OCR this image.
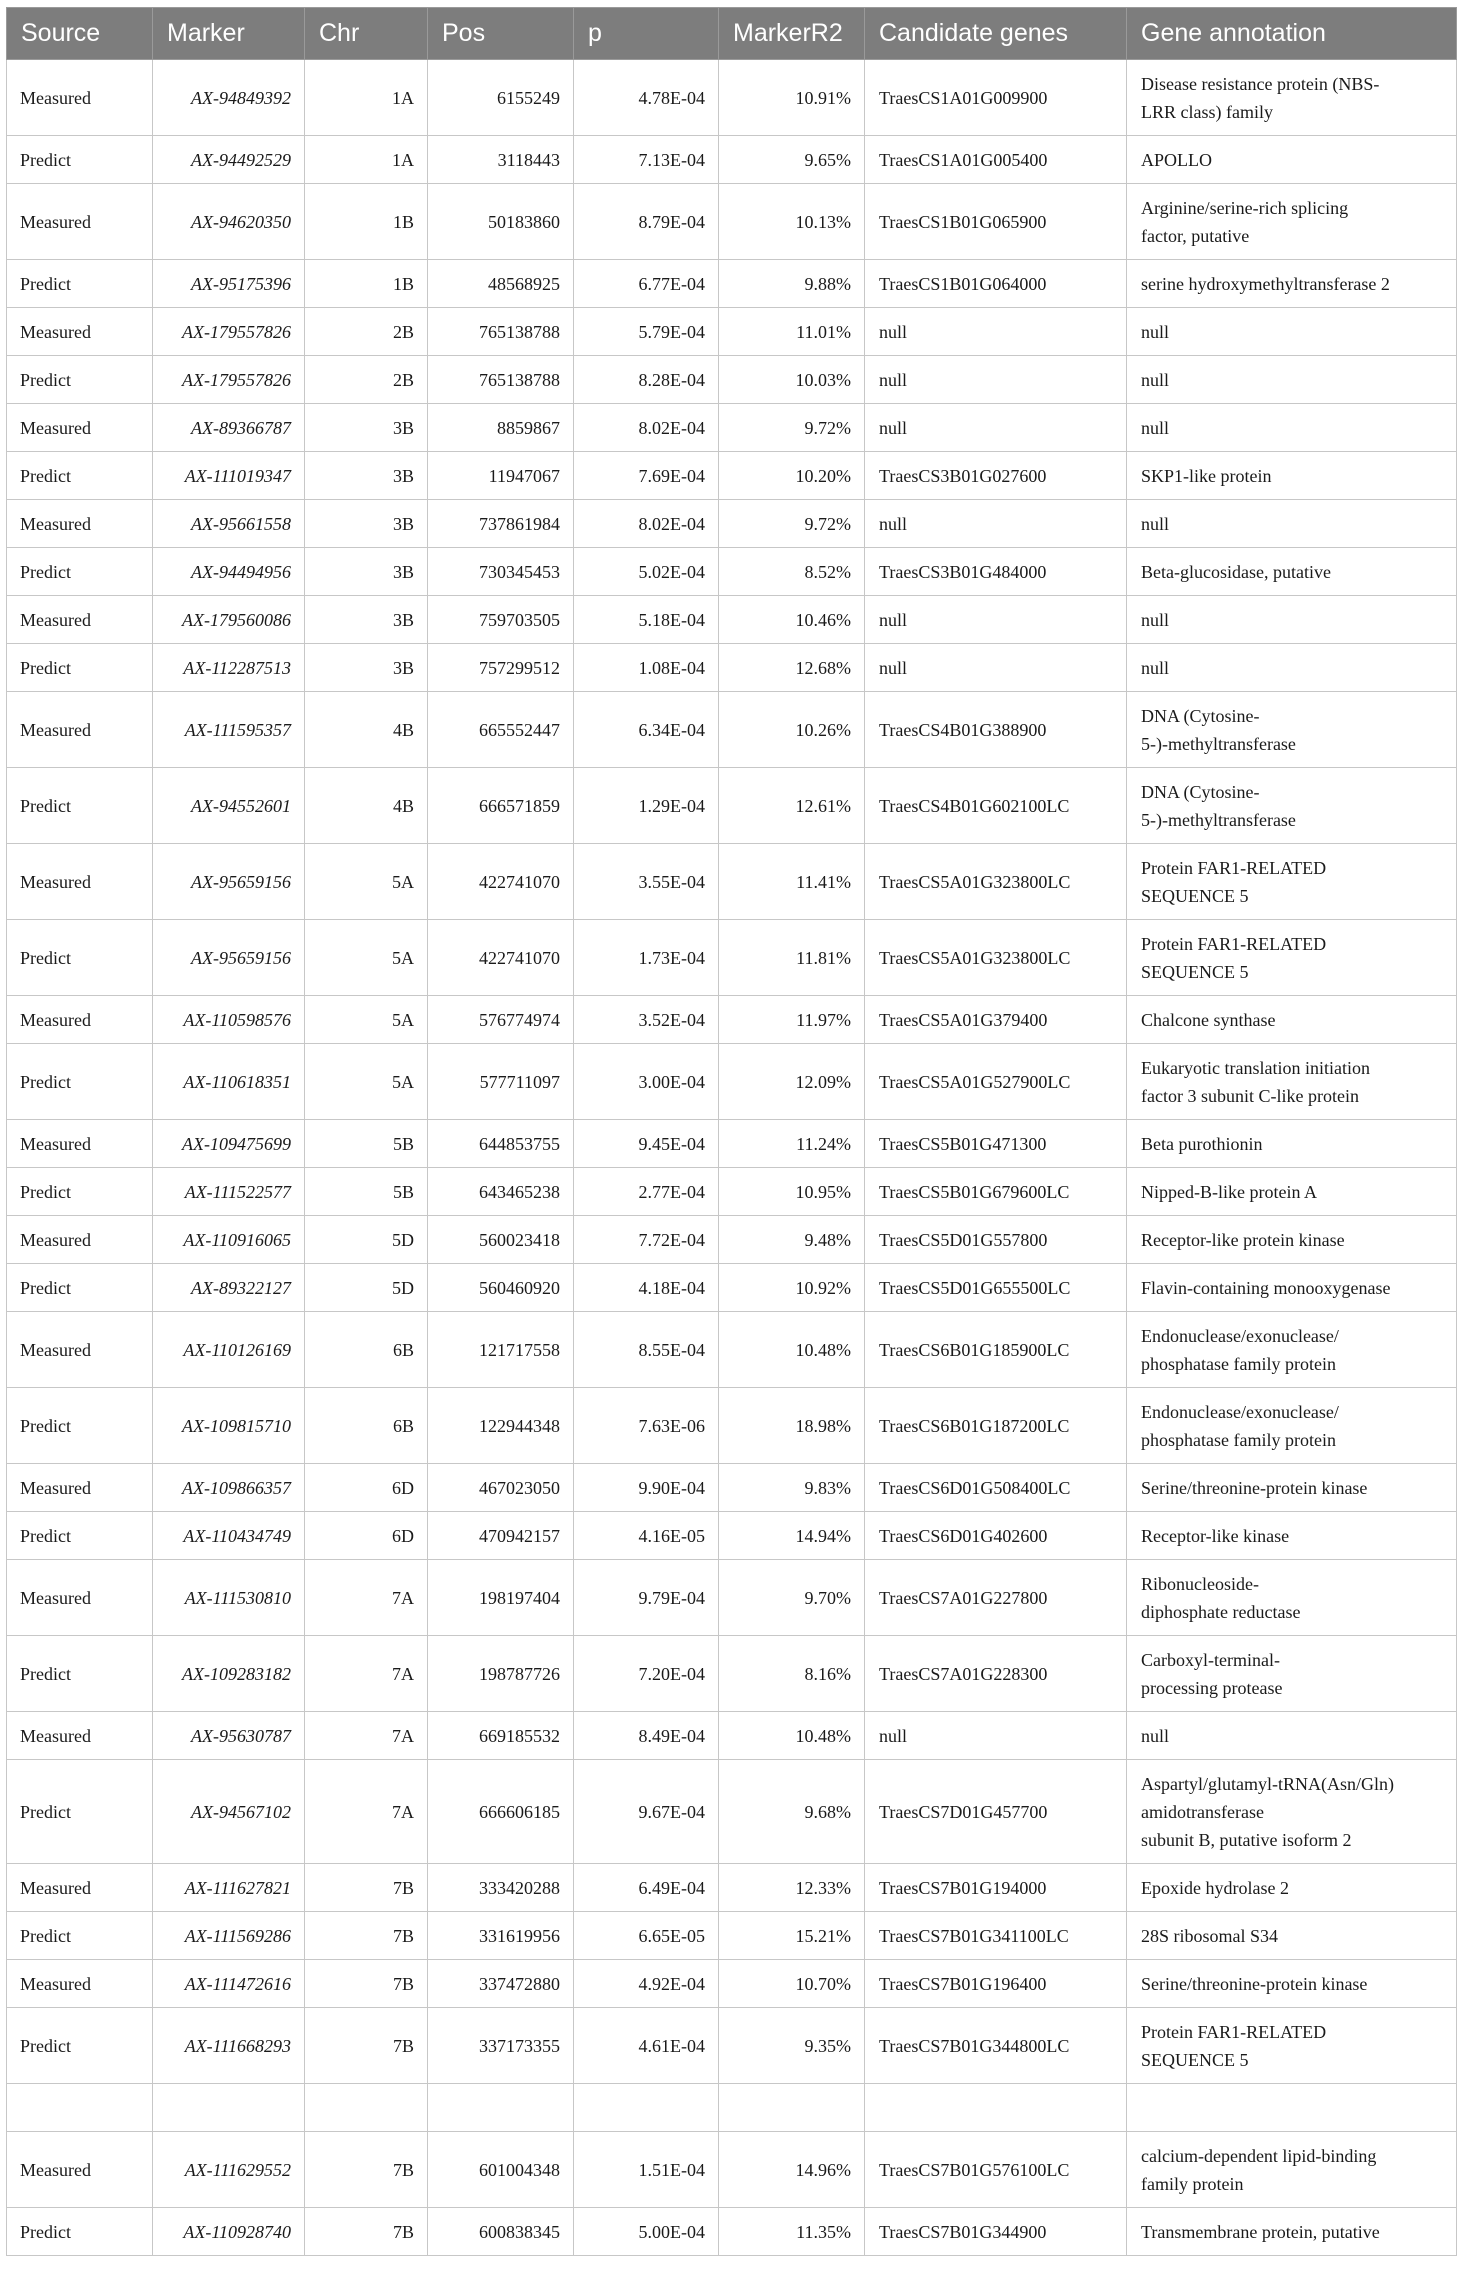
Source	Marker	Chr	Pos	p	MarkerR2	Candidate genes	Gene annotation
Measured	AX-94849392	1A	6155249	4.78E-04	10.91%	TraesCS1A01G009900	Disease resistance protein (NBS-
LRR class) family

Predict	AX-94492529	1A	3118443	7.13E-04	9.65%	TraesCS1A01G005400	APOLLO

Measured	AX-94620350	1B	50183860	8.79E-04	10.13%	TraesCS1B01G065900	Arginine/serine-rich splicing
factor, putative

Predict	AX-95175396	1B	48568925	6.77E-04	9.88%	TraesCS1B01G064000	serine hydroxymethyltransferase 2

Measured	AX-179557826	2B	765138788	5.79E-04	11.01%	null	null

Predict	AX-179557826	2B	765138788	8.28E-04	10.03%	null	null

Measured	AX-89366787	3B	8859867	8.02E-04	9.72%	null	null

Predict	AX-111019347	3B	11947067	7.69E-04	10.20%	TraesCS3B01G027600	SKP1-like protein

Measured	AX-95661558	3B	737861984	8.02E-04	9.72%	null	null

Predict	AX-94494956	3B	730345453	5.02E-04	8.52%	TraesCS3B01G484000	Beta-glucosidase, putative

Measured	AX-179560086	3B	759703505	5.18E-04	10.46%	null	null

Predict	AX-112287513	3B	757299512	1.08E-04	12.68%	null	null

Measured	AX-111595357	4B	665552447	6.34E-04	10.26%	TraesCS4B01G388900	DNA (Cytosine-
5-)-methyltransferase

Predict	AX-94552601	4B	666571859	1.29E-04	12.61%	TraesCS4B01G602100LC	DNA (Cytosine-
5-)-methyltransferase

Measured	AX-95659156	5A	422741070	3.55E-04	11.41%	TraesCS5A01G323800LC	Protein FAR1-RELATED
SEQUENCE 5

Predict	AX-95659156	5A	422741070	1.73E-04	11.81%	TraesCS5A01G323800LC	Protein FAR1-RELATED
SEQUENCE 5

Measured	AX-110598576	5A	576774974	3.52E-04	11.97%	TraesCS5A01G379400	Chalcone synthase

Predict	AX-110618351	5A	577711097	3.00E-04	12.09%	TraesCS5A01G527900LC	Eukaryotic translation initiation
factor 3 subunit C-like protein

Measured	AX-109475699	5B	644853755	9.45E-04	11.24%	TraesCS5B01G471300	Beta purothionin

Predict	AX-111522577	5B	643465238	2.77E-04	10.95%	TraesCS5B01G679600LC	Nipped-B-like protein A

Measured	AX-110916065	5D	560023418	7.72E-04	9.48%	TraesCS5D01G557800	Receptor-like protein kinase

Predict	AX-89322127	5D	560460920	4.18E-04	10.92%	TraesCS5D01G655500LC	Flavin-containing monooxygenase

Measured	AX-110126169	6B	121717558	8.55E-04	10.48%	TraesCS6B01G185900LC	Endonuclease/exonuclease/
phosphatase family protein

Predict	AX-109815710	6B	122944348	7.63E-06	18.98%	TraesCS6B01G187200LC	Endonuclease/exonuclease/
phosphatase family protein

Measured	AX-109866357	6D	467023050	9.90E-04	9.83%	TraesCS6D01G508400LC	Serine/threonine-protein kinase

Predict	AX-110434749	6D	470942157	4.16E-05	14.94%	TraesCS6D01G402600	Receptor-like kinase

Measured	AX-111530810	7A	198197404	9.79E-04	9.70%	TraesCS7A01G227800	Ribonucleoside-
diphosphate reductase

Predict	AX-109283182	7A	198787726	7.20E-04	8.16%	TraesCS7A01G228300	Carboxyl-terminal-
processing protease

Measured	AX-95630787	7A	669185532	8.49E-04	10.48%	null	null

Predict	AX-94567102	7A	666606185	9.67E-04	9.68%	TraesCS7D01G457700	Aspartyl/glutamyl-tRNA(Asn/Gln)
amidotransferase
subunit B, putative isoform 2

Measured	AX-111627821	7B	333420288	6.49E-04	12.33%	TraesCS7B01G194000	Epoxide hydrolase 2

Predict	AX-111569286	7B	331619956	6.65E-05	15.21%	TraesCS7B01G341100LC	28S ribosomal S34

Measured	AX-111472616	7B	337472880	4.92E-04	10.70%	TraesCS7B01G196400	Serine/threonine-protein kinase

Predict	AX-111668293	7B	337173355	4.61E-04	9.35%	TraesCS7B01G344800LC	Protein FAR1-RELATED
SEQUENCE 5

Measured	AX-111629552	7B	601004348	1.51E-04	14.96%	TraesCS7B01G576100LC	calcium-dependent lipid-binding
family protein

Predict	AX-110928740	7B	600838345	5.00E-04	11.35%	TraesCS7B01G344900	Transmembrane protein, putative
